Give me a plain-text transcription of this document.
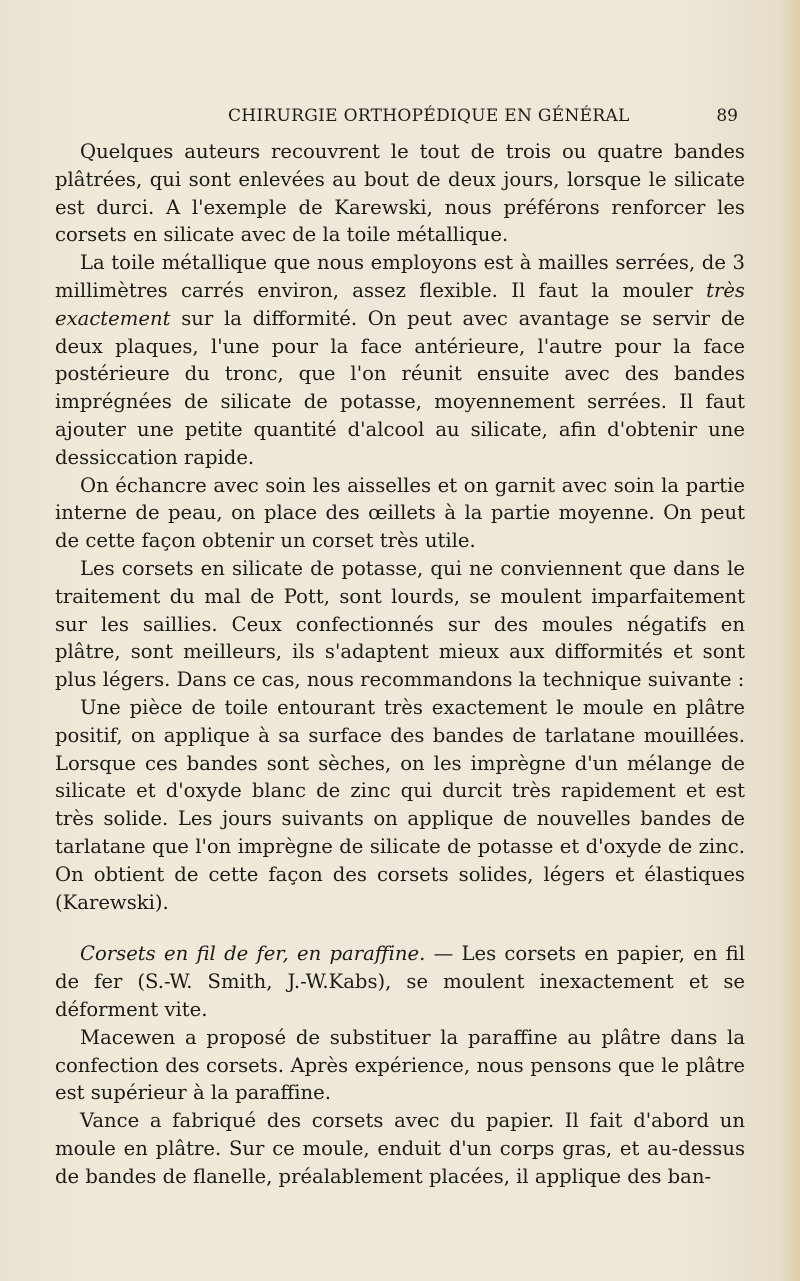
CHIRURGIE ORTHOPÉDIQUE EN GÉNÉRAL	89

Quelques auteurs recouvrent le tout de trois ou quatre bandes plâtrées, qui sont enlevées au bout de deux jours, lorsque le silicate est durci. A l'exemple de Karewski, nous préférons renforcer les corsets en silicate avec de la toile métallique.

La toile métallique que nous employons est à mailles serrées, de 3 millimètres carrés environ, assez flexible. Il faut la mouler très exactement sur la difformité. On peut avec avantage se servir de deux plaques, l'une pour la face antérieure, l'autre pour la face postérieure du tronc, que l'on réunit ensuite avec des bandes imprégnées de silicate de potasse, moyennement serrées. Il faut ajouter une petite quantité d'alcool au silicate, afin d'obtenir une dessiccation rapide.

On échancre avec soin les aisselles et on garnit avec soin la partie interne de peau, on place des œillets à la partie moyenne. On peut de cette façon obtenir un corset très utile.

Les corsets en silicate de potasse, qui ne conviennent que dans le traitement du mal de Pott, sont lourds, se moulent imparfaitement sur les saillies. Ceux confectionnés sur des moules négatifs en plâtre, sont meilleurs, ils s'adaptent mieux aux difformités et sont plus légers. Dans ce cas, nous recommandons la technique suivante :

Une pièce de toile entourant très exactement le moule en plâtre positif, on applique à sa surface des bandes de tarlatane mouillées. Lorsque ces bandes sont sèches, on les imprègne d'un mélange de silicate et d'oxyde blanc de zinc qui durcit très rapidement et est très solide. Les jours suivants on applique de nouvelles bandes de tarlatane que l'on imprègne de silicate de potasse et d'oxyde de zinc. On obtient de cette façon des corsets solides, légers et élastiques (Karewski).

Corsets en fil de fer, en paraffine. — Les corsets en papier, en fil de fer (S.-W. Smith, J.-W.Kabs), se moulent inexactement et se déforment vite.

Macewen a proposé de substituer la paraffine au plâtre dans la confection des corsets. Après expérience, nous pensons que le plâtre est supérieur à la paraffine.

Vance a fabriqué des corsets avec du papier. Il fait d'abord un moule en plâtre. Sur ce moule, enduit d'un corps gras, et au-dessus de bandes de flanelle, préalablement placées, il applique des ban-
